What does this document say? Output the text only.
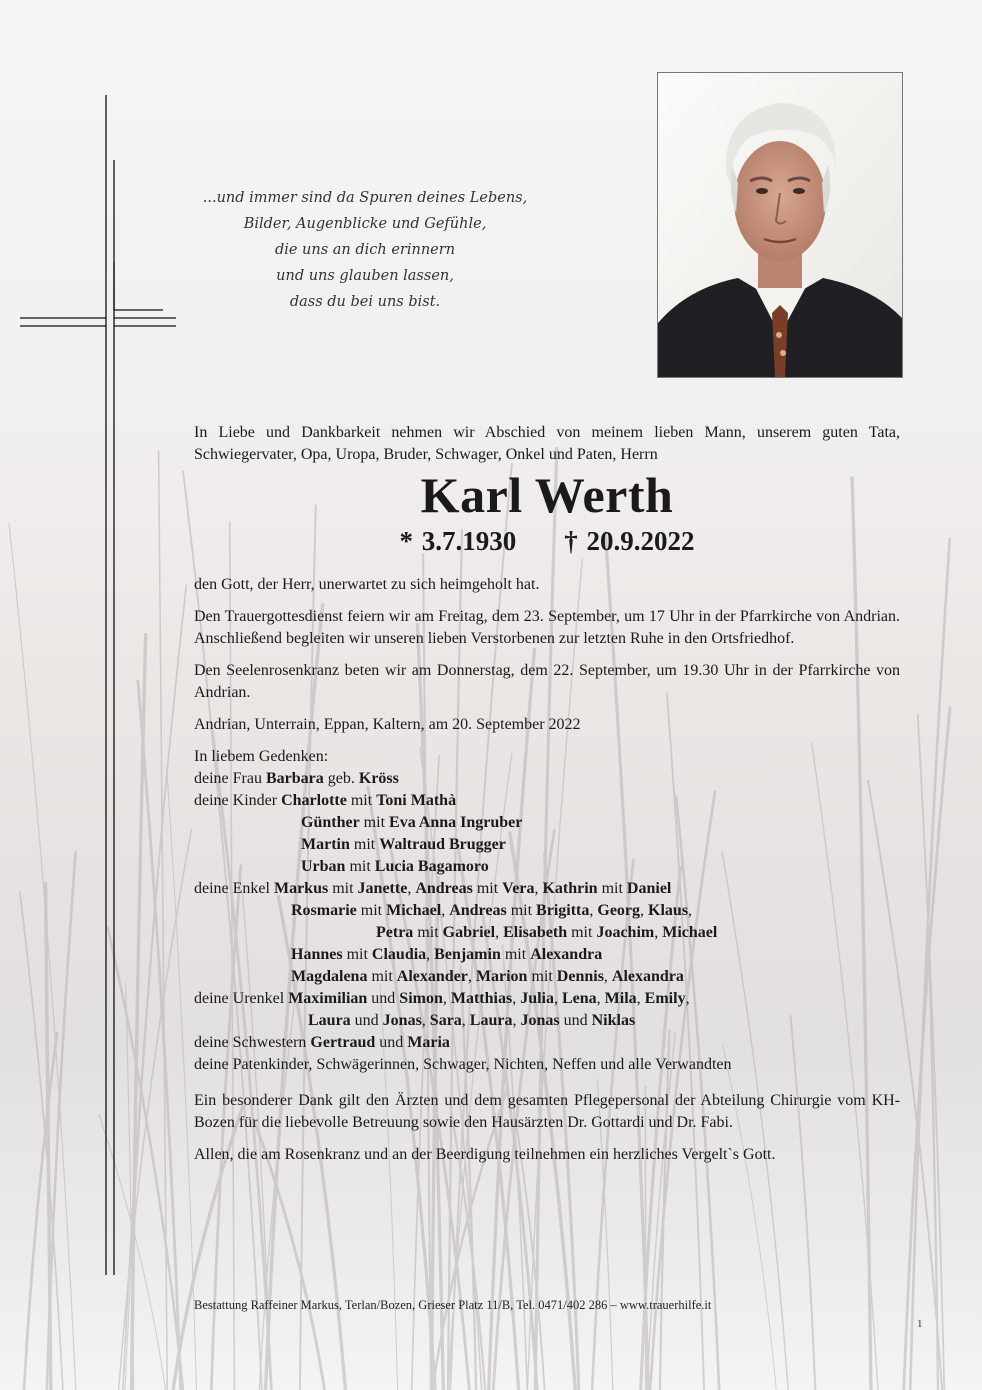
...und immer sind da Spuren deines Lebens,
Bilder, Augenblicke und Gefühle,
die uns an dich erinnern
und uns glauben lassen,
dass du bei uns bist.

In Liebe und Dankbarkeit nehmen wir Abschied von meinem lieben Mann, unserem guten Tata, Schwiegervater, Opa, Uropa, Bruder, Schwager, Onkel und Paten, Herrn

Karl Werth
* 3.7.1930 † 20.9.2022

den Gott, der Herr, unerwartet zu sich heimgeholt hat.

Den Trauergottesdienst feiern wir am Freitag, dem 23. September, um 17 Uhr in der Pfarrkirche von Andrian. Anschließend begleiten wir unseren lieben Verstorbenen zur letzten Ruhe in den Ortsfriedhof.

Den Seelenrosenkranz beten wir am Donnerstag, dem 22. September, um 19.30 Uhr in der Pfarrkirche von Andrian.

Andrian, Unterrain, Eppan, Kaltern, am 20. September 2022

In liebem Gedenken:
deine Frau Barbara geb. Kröss
deine Kinder Charlotte mit Toni Mathà
Günther mit Eva Anna Ingruber
Martin mit Waltraud Brugger
Urban mit Lucia Bagamoro
deine Enkel Markus mit Janette, Andreas mit Vera, Kathrin mit Daniel
Rosmarie mit Michael, Andreas mit Brigitta, Georg, Klaus,
Petra mit Gabriel, Elisabeth mit Joachim, Michael
Hannes mit Claudia, Benjamin mit Alexandra
Magdalena mit Alexander, Marion mit Dennis, Alexandra
deine Urenkel Maximilian und Simon, Matthias, Julia, Lena, Mila, Emily,
Laura und Jonas, Sara, Laura, Jonas und Niklas
deine Schwestern Gertraud und Maria
deine Patenkinder, Schwägerinnen, Schwager, Nichten, Neffen und alle Verwandten

Ein besonderer Dank gilt den Ärzten und dem gesamten Pflegepersonal der Abteilung Chirurgie vom KH-Bozen für die liebevolle Betreuung sowie den Hausärzten Dr. Gottardi und Dr. Fabi.

Allen, die am Rosenkranz und an der Beerdigung teilnehmen ein herzliches Vergelt`s Gott.

Bestattung Raffeiner Markus, Terlan/Bozen, Grieser Platz 11/B, Tel. 0471/402 286 – www.trauerhilfe.it
1
